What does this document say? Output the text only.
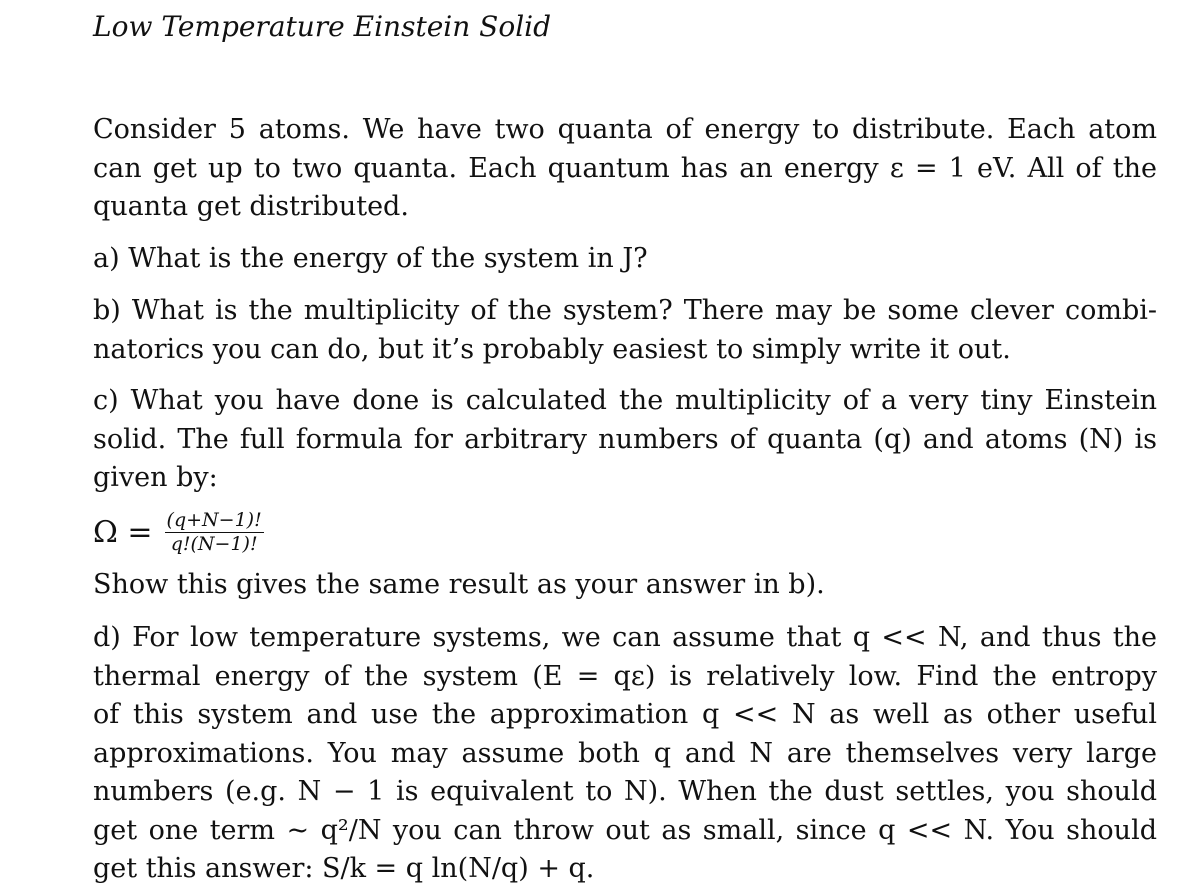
Low Temperature Einstein Solid
Consider 5 atoms. We have two quanta of energy to distribute. Each atom
can get up to two quanta. Each quantum has an energy ε = 1 eV. All of the
quanta get distributed.
a) What is the energy of the system in J?
b) What is the multiplicity of the system? There may be some clever combi-
natorics you can do, but it’s probably easiest to simply write it out.
c) What you have done is calculated the multiplicity of a very tiny Einstein
solid. The full formula for arbitrary numbers of quanta (q) and atoms (N) is
given by:
$\Omega = \frac{(q+N-1)!}{q!(N-1)!}$
Show this gives the same result as your answer in b).
d) For low temperature systems, we can assume that q << N, and thus the
thermal energy of the system (E = qε) is relatively low. Find the entropy
of this system and use the approximation q << N as well as other useful
approximations. You may assume both q and N are themselves very large
numbers (e.g. N − 1 is equivalent to N). When the dust settles, you should
get one term ~ q²/N you can throw out as small, since q << N. You should
get this answer: S/k = q ln(N/q) + q.
